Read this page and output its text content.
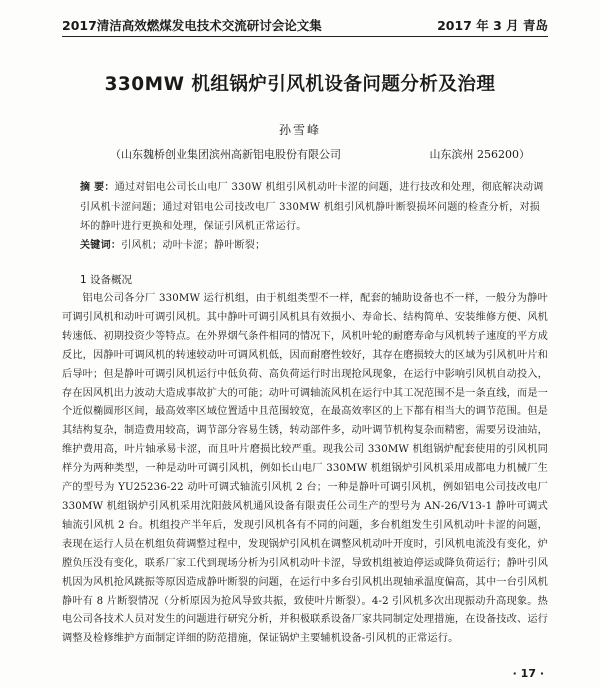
2017清洁高效燃煤发电技术交流研讨会论文集	2017 年 3 月 青岛
330MW 机组锅炉引风机设备问题分析及治理
孙雪峰
（山东魏桥创业集团滨州高新铝电股份有限公司	山东滨州 256200）
摘 要：通过对铝电公司长山电厂 330W 机组引风机动叶卡涩的问题，进行技改和处理，彻底解决动调引风机卡涩问题；通过对铝电公司技改电厂 330MW 机组引风机静叶断裂损坏问题的检查分析，对损坏的静叶进行更换和处理，保证引风机正常运行。
关键词：引风机；动叶卡涩；静叶断裂；
1 设备概况
铝电公司各分厂 330MW 运行机组，由于机组类型不一样，配套的辅助设备也不一样，一般分为静叶可调引风机和动叶可调引风机。其中静叶可调引风机具有效损小、寿命长、结构简单、安装维修方便、风机转速低、初期投资少等特点。在外界烟气条件相同的情况下，风机叶轮的耐磨寿命与风机转子速度的平方成反比，因静叶可调风机的转速较动叶可调风机低，因而耐磨性较好，其存在磨损较大的区域为引风机叶片和后导叶；但是静叶可调引风机运行中低负荷、高负荷运行时出现抢风现象，在运行中影响引风机自动投入，存在因风机出力波动大造成事故扩大的可能；动叶可调轴流风机在运行中其工况范围不是一条直线，而是一个近似椭圆形区间，最高效率区域位置适中且范围较宽，在最高效率区的上下都有相当大的调节范围。但是其结构复杂，制造费用较高，调节部分容易生锈，转动部件多，动叶调节机构复杂而精密，需要另设油站，维护费用高，叶片轴承易卡涩，而且叶片磨损比较严重。现我公司 330MW 机组锅炉配套使用的引风机同样分为两种类型，一种是动叶可调引风机，例如长山电厂 330MW 机组锅炉引风机采用成都电力机械厂生产的型号为 YU25236-22 动叶可调式轴流引风机 2 台；一种是静叶可调引风机，例如铝电公司技改电厂 330MW 机组锅炉引风机采用沈阳鼓风机通风设备有限责任公司生产的型号为 AN-26/V13-1 静叶可调式轴流引风机 2 台。机组投产半年后，发现引风机各有不同的问题，多台机组发生引风机动叶卡涩的问题，表现在运行人员在机组负荷调整过程中，发现锅炉引风机在调整风机动叶开度时，引风机电流没有变化，炉膛负压没有变化，联系厂家工代到现场分析为引风机动叶卡涩，导致机组被迫停运或降负荷运行；静叶引风机因为风机抢风跳振等原因造成静叶断裂的问题，在运行中多台引风机出现轴承温度偏高，其中一台引风机静叶有 8 片断裂情况（分析原因为抢风导致共振，致使叶片断裂）。4-2 引风机多次出现振动升高现象。热电公司各技术人员对发生的问题进行研究分析，并积极联系设备厂家共同制定处理措施，在设备技改、运行调整及检修维护方面制定详细的防范措施，保证锅炉主要辅机设备-引风机的正常运行。
· 17 ·
